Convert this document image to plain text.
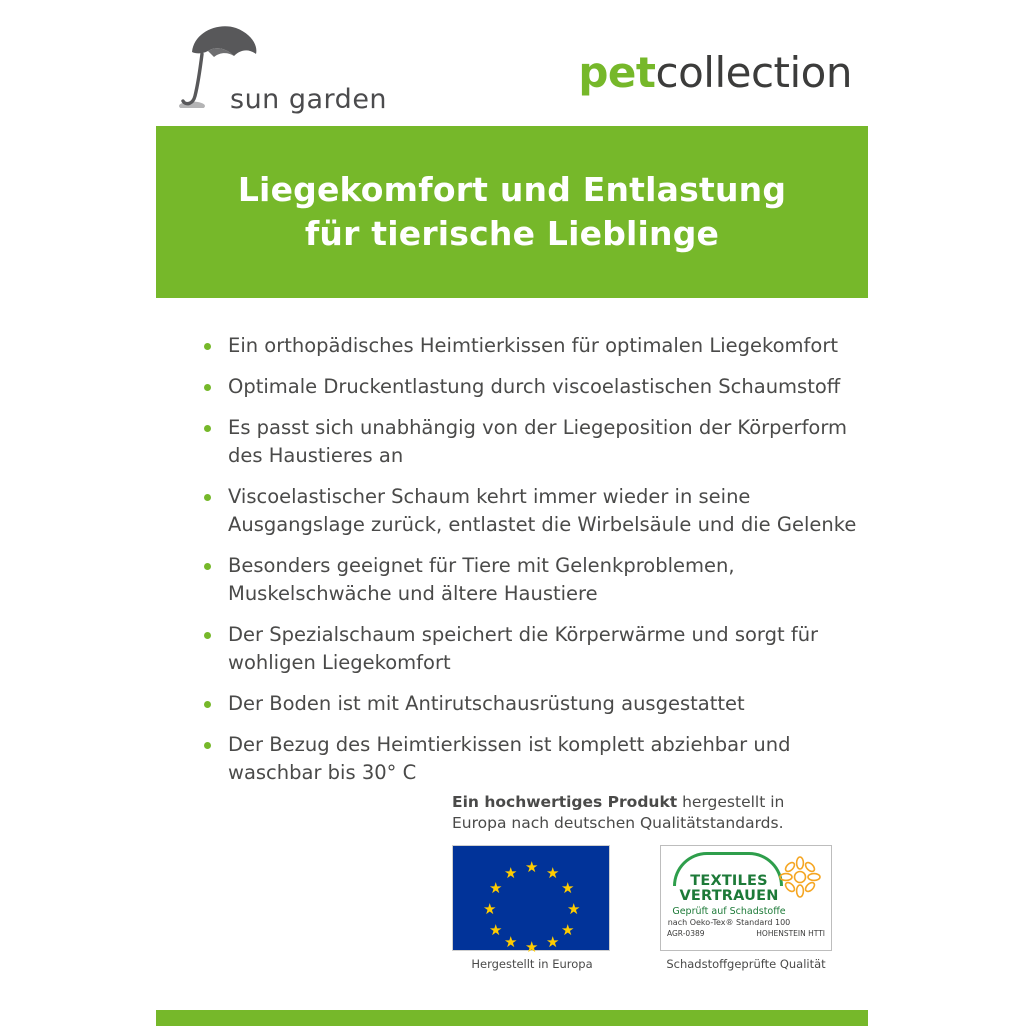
sun garden
petcollection
Liegekomfort und Entlastung
für tierische Lieblinge
Ein orthopädisches Heimtierkissen für optimalen Liegekomfort
Optimale Druckentlastung durch viscoelastischen Schaumstoff
Es passt sich unabhängig von der Liegeposition der Körperform des Haustieres an
Viscoelastischer Schaum kehrt immer wieder in seine Ausgangslage zurück, entlastet die Wirbelsäule und die Gelenke
Besonders geeignet für Tiere mit Gelenkproblemen, Muskelschwäche und ältere Haustiere
Der Spezialschaum speichert die Körperwärme und sorgt für wohligen Liegekomfort
Der Boden ist mit Antirutschausrüstung ausgestattet
Der Bezug des Heimtierkissen ist komplett abziehbar und waschbar bis 30° C
Ein hochwertiges Produkt hergestellt in Europa nach deutschen Qualitätstandards.
★ ★
★
★
★
★
★
★
★
★
★
★
Hergestellt in Europa
TEXTILES
VERTRAUEN
Geprüft auf Schadstoffe
nach Oeko-Tex® Standard 100
AGR-0389	HOHENSTEIN HTTI
Schadstoffgeprüfte Qualität
